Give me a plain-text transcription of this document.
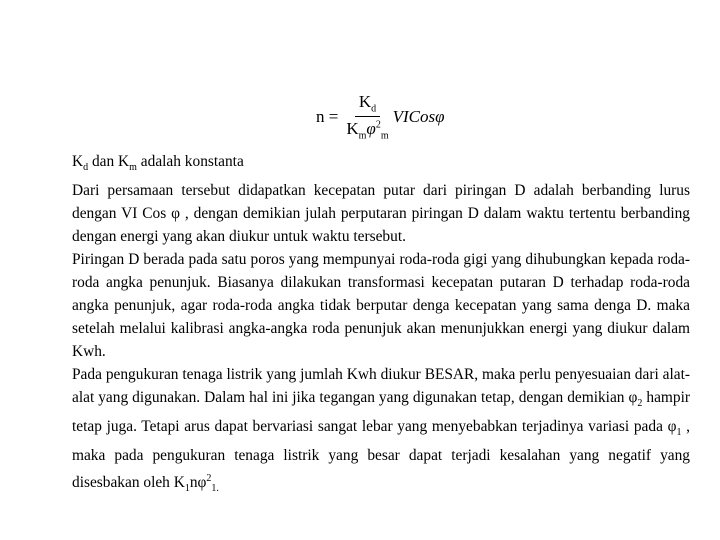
$n = \frac{K_d}{K_m\varphi^2_m}$ VICosφ

$K_d$ dan $K_m$ adalah konstanta

Dari persamaan tersebut didapatkan kecepatan putar dari piringan D adalah berbanding lurus dengan VI Cos φ , dengan demikian julah perputaran piringan D dalam waktu tertentu berbanding dengan energi yang akan diukur untuk waktu tersebut.

Piringan D berada pada satu poros yang mempunyai roda-roda gigi yang dihubungkan kepada roda-roda angka penunjuk. Biasanya dilakukan transformasi kecepatan putaran D terhadap roda-roda angka penunjuk, agar roda-roda angka tidak berputar denga kecepatan yang sama denga D. maka setelah melalui kalibrasi angka-angka roda penunjuk akan menunjukkan energi yang diukur dalam Kwh.

Pada pengukuran tenaga listrik yang jumlah Kwh diukur BESAR, maka perlu penyesuaian dari alat-alat yang digunakan. Dalam hal ini jika tegangan yang digunakan tetap, dengan demikian $\varphi_2$ hampir tetap juga. Tetapi arus dapat bervariasi sangat lebar yang menyebabkan terjadinya variasi pada $\varphi_1$ , maka pada pengukuran tenaga listrik yang besar dapat terjadi kesalahan yang negatif yang disesbakan oleh $K_1n\varphi^2_{1.}$
